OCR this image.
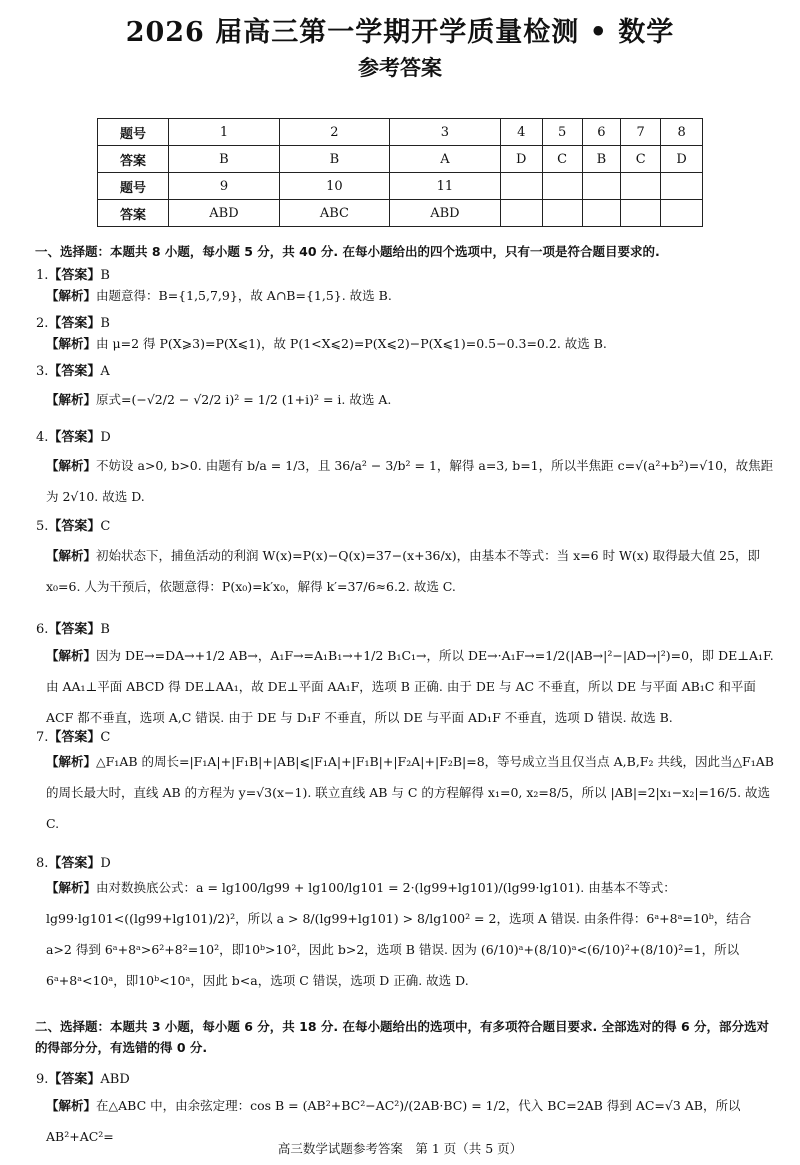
2026 届高三第一学期开学质量检测 • 数学
参考答案
题号	1	2	3	4	5	6	7	8
答案	B	B	A	D	C	B	C	D
题号	9	10	11					
答案	ABD	ABC	ABD					
一、选择题：本题共 8 小题，每小题 5 分，共 40 分. 在每小题给出的四个选项中，只有一项是符合题目要求的.
1.【答案】B
【解析】由题意得：B={1,5,7,9}，故 A∩B={1,5}. 故选 B.
2.【答案】B
【解析】由 μ=2 得 P(X⩾3)=P(X⩽1)，故 P(1<X⩽2)=P(X⩽2)−P(X⩽1)=0.5−0.3=0.2. 故选 B.
3.【答案】A
【解析】原式=(−√2/2 − √2/2 i)² = 1/2 (1+i)² = i. 故选 A.
4.【答案】D
【解析】不妨设 a>0, b>0. 由题有 b/a = 1/3，且 36/a² − 3/b² = 1，解得 a=3, b=1，所以半焦距 c=√(a²+b²)=√10，故焦距为 2√10. 故选 D.
5.【答案】C
【解析】初始状态下，捕鱼活动的利润 W(x)=P(x)−Q(x)=37−(x+36/x)，由基本不等式：当 x=6 时 W(x) 取得最大值 25，即 x₀=6. 人为干预后，依题意得：P(x₀)=k′x₀，解得 k′=37/6≈6.2. 故选 C.
6.【答案】B
【解析】因为 DE→=DA→+1/2 AB→，A₁F→=A₁B₁→+1/2 B₁C₁→，所以 DE→·A₁F→=1/2(|AB→|²−|AD→|²)=0，即 DE⊥A₁F. 由 AA₁⊥平面 ABCD 得 DE⊥AA₁，故 DE⊥平面 AA₁F，选项 B 正确. 由于 DE 与 AC 不垂直，所以 DE 与平面 AB₁C 和平面 ACF 都不垂直，选项 A,C 错误. 由于 DE 与 D₁F 不垂直，所以 DE 与平面 AD₁F 不垂直，选项 D 错误. 故选 B.
7.【答案】C
【解析】△F₁AB 的周长=|F₁A|+|F₁B|+|AB|⩽|F₁A|+|F₁B|+|F₂A|+|F₂B|=8，等号成立当且仅当点 A,B,F₂ 共线，因此当△F₁AB 的周长最大时，直线 AB 的方程为 y=√3(x−1). 联立直线 AB 与 C 的方程解得 x₁=0, x₂=8/5，所以 |AB|=2|x₁−x₂|=16/5. 故选 C.
8.【答案】D
【解析】由对数换底公式：a = lg100/lg99 + lg100/lg101 = 2·(lg99+lg101)/(lg99·lg101). 由基本不等式：lg99·lg101<((lg99+lg101)/2)²，所以 a > 8/(lg99+lg101) > 8/lg100² = 2，选项 A 错误. 由条件得：6ᵃ+8ᵃ=10ᵇ，结合 a>2 得到 6ᵃ+8ᵃ>6²+8²=10²，即10ᵇ>10²，因此 b>2，选项 B 错误. 因为 (6/10)ᵃ+(8/10)ᵃ<(6/10)²+(8/10)²=1，所以 6ᵃ+8ᵃ<10ᵃ，即10ᵇ<10ᵃ，因此 b<a，选项 C 错误，选项 D 正确. 故选 D.
二、选择题：本题共 3 小题，每小题 6 分，共 18 分. 在每小题给出的选项中，有多项符合题目要求. 全部选对的得 6 分，部分选对的得部分分，有选错的得 0 分.
9.【答案】ABD
【解析】在△ABC 中，由余弦定理：cos B = (AB²+BC²−AC²)/(2AB·BC) = 1/2，代入 BC=2AB 得到 AC=√3 AB，所以 AB²+AC²=
高三数学试题参考答案　第 1 页（共 5 页）
